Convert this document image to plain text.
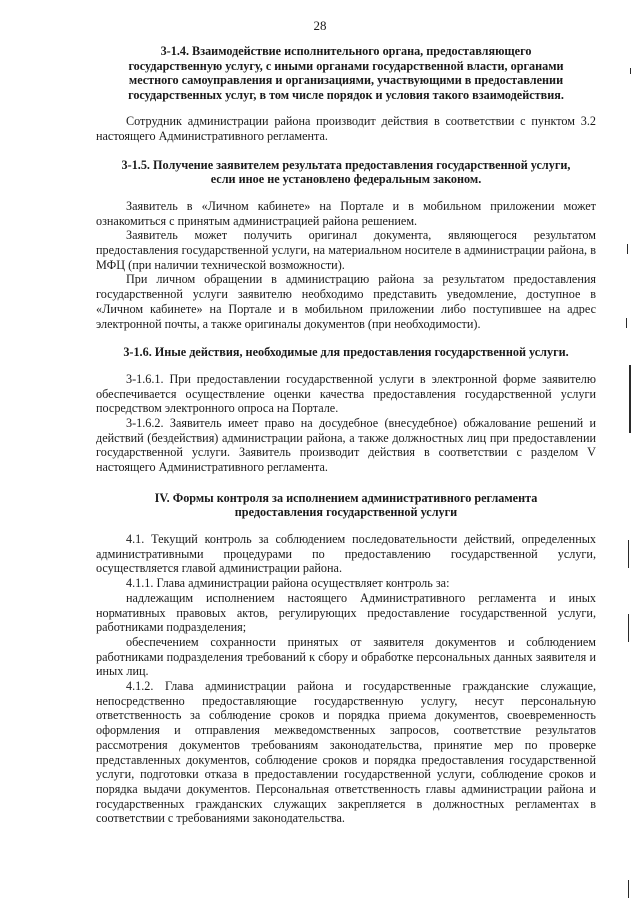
28
3-1.4. Взаимодействие исполнительного органа, предоставляющего государственную услугу, с иными органами государственной власти, органами местного самоуправления и организациями, участвующими в предоставлении государственных услуг, в том числе порядок и условия такого взаимодействия.

Сотрудник администрации района производит действия в соответствии с пунктом 3.2 настоящего Административного регламента.

3-1.5. Получение заявителем результата предоставления государственной услуги, если иное не установлено федеральным законом.

Заявитель в «Личном кабинете» на Портале и в мобильном приложении может ознакомиться с принятым администрацией района решением.

Заявитель может получить оригинал документа, являющегося результатом предоставления государственной услуги, на материальном носителе в администрации района, в МФЦ (при наличии технической возможности).

При личном обращении в администрацию района за результатом предоставления государственной услуги заявителю необходимо представить уведомление, доступное в «Личном кабинете» на Портале и в мобильном приложении либо поступившее на адрес электронной почты, а также оригиналы документов (при необходимости).

3-1.6. Иные действия, необходимые для предоставления государственной услуги.

3-1.6.1. При предоставлении государственной услуги в электронной форме заявителю обеспечивается осуществление оценки качества предоставления государственной услуги посредством электронного опроса на Портале.

3-1.6.2. Заявитель имеет право на досудебное (внесудебное) обжалование решений и действий (бездействия) администрации района, а также должностных лиц при предоставлении государственной услуги. Заявитель производит действия в соответствии с разделом V настоящего Административного регламента.

IV. Формы контроля за исполнением административного регламента предоставления государственной услуги

4.1. Текущий контроль за соблюдением последовательности действий, определенных административными процедурами по предоставлению государственной услуги, осуществляется главой администрации района.

4.1.1. Глава администрации района осуществляет контроль за:

надлежащим исполнением настоящего Административного регламента и иных нормативных правовых актов, регулирующих предоставление государственной услуги, работниками подразделения;

обеспечением сохранности принятых от заявителя документов и соблюдением работниками подразделения требований к сбору и обработке персональных данных заявителя и иных лиц.

4.1.2. Глава администрации района и государственные гражданские служащие, непосредственно предоставляющие государственную услугу, несут персональную ответственность за соблюдение сроков и порядка приема документов, своевременность оформления и отправления межведомственных запросов, соответствие результатов рассмотрения документов требованиям законодательства, принятие мер по проверке представленных документов, соблюдение сроков и порядка предоставления государственной услуги, подготовки отказа в предоставлении государственной услуги, соблюдение сроков и порядка выдачи документов. Персональная ответственность главы администрации района и государственных гражданских служащих закрепляется в должностных регламентах в соответствии с требованиями законодательства.
